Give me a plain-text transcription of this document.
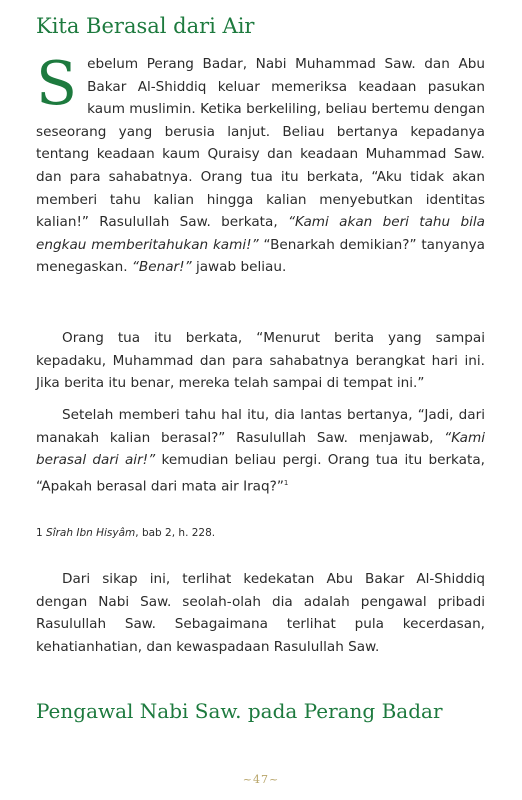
Kita Berasal dari Air

Sebelum Perang Badar, Nabi Muhammad Saw. dan Abu Bakar Al-Shiddiq keluar memeriksa keadaan pasukan kaum muslimin. Ketika berkeliling, beliau bertemu dengan seseorang yang berusia lanjut. Beliau bertanya kepadanya tentang keadaan kaum Quraisy dan keadaan Muhammad Saw. dan para sahabatnya. Orang tua itu berkata, “Aku tidak akan memberi tahu kalian hingga kalian menyebutkan identitas kalian!” Rasulullah Saw. berkata, “Kami akan beri tahu bila engkau memberitahukan kami!” “Benarkah demikian?” tanyanya menegaskan. “Benar!” jawab beliau.

Orang tua itu berkata, “Menurut berita yang sampai kepadaku, Muhammad dan para sahabatnya berangkat hari ini. Jika berita itu benar, mereka telah sampai di tempat ini.”

Setelah memberi tahu hal itu, dia lantas bertanya, “Jadi, dari manakah kalian berasal?” Rasulullah Saw. menjawab, “Kami berasal dari air!” kemudian beliau pergi. Orang tua itu berkata, “Apakah berasal dari mata air Iraq?”$^1$

1 Sîrah Ibn Hisyâm, bab 2, h. 228.

Dari sikap ini, terlihat kedekatan Abu Bakar Al-Shiddiq dengan Nabi Saw. seolah-olah dia adalah pengawal pribadi Rasulullah Saw. Sebagaimana terlihat pula kecerdasan, kehatianhatian, dan kewaspadaan Rasulullah Saw.

Pengawal Nabi Saw. pada Perang Badar
~47~
